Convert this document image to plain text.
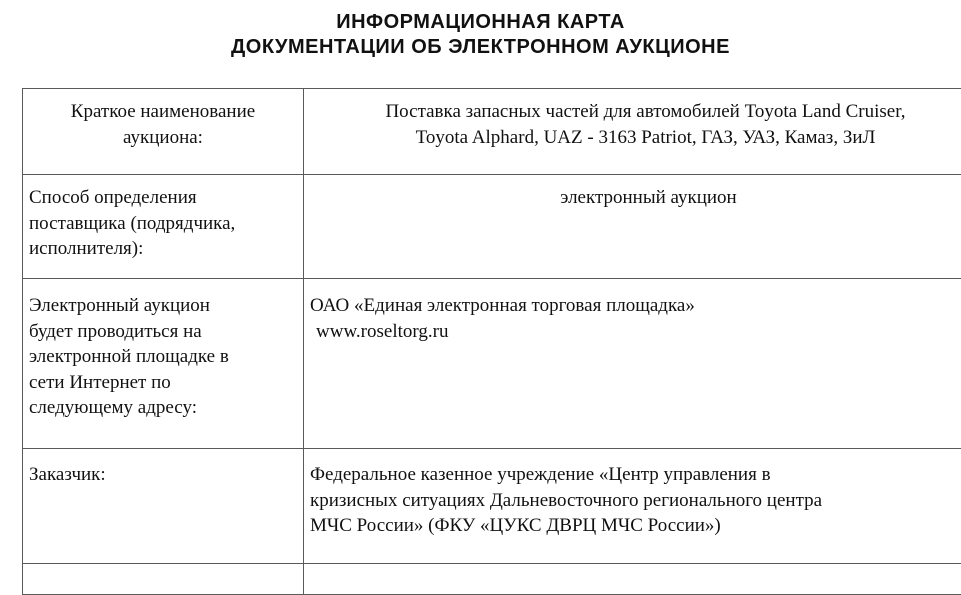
ИНФОРМАЦИОННАЯ КАРТА
ДОКУМЕНТАЦИИ ОБ ЭЛЕКТРОННОМ АУКЦИОНЕ
Краткое наименование
аукциона:	Поставка запасных частей для автомобилей Toyota Land Cruiser,
Toyota Alphard, UAZ - 3163 Patriot, ГАЗ, УАЗ, Камаз, ЗиЛ

Способ определения
поставщика (подрядчика,
исполнителя):	электронный аукцион

Электронный аукцион
будет проводиться на
электронной площадке в
сети Интернет по
следующему адресу:	ОАО «Единая электронная торговая площадка»
www.roseltorg.ru

Заказчик:	Федеральное казенное учреждение «Центр управления в
кризисных ситуациях Дальневосточного регионального центра
МЧС России» (ФКУ «ЦУКС ДВРЦ МЧС России»)
